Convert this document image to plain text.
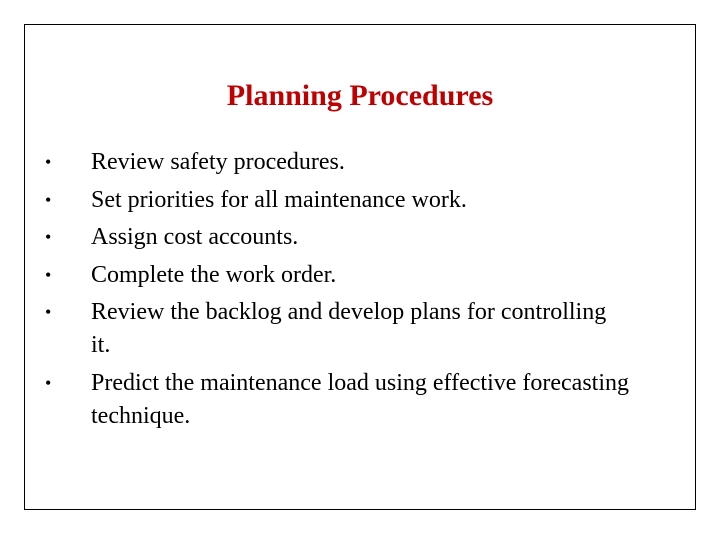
Planning Procedures
• Review safety procedures.
• Set priorities for all maintenance work.
• Assign cost accounts.
• Complete the work order.
• Review the backlog and develop plans for controlling it.
• Predict the maintenance load using effective forecasting technique.
